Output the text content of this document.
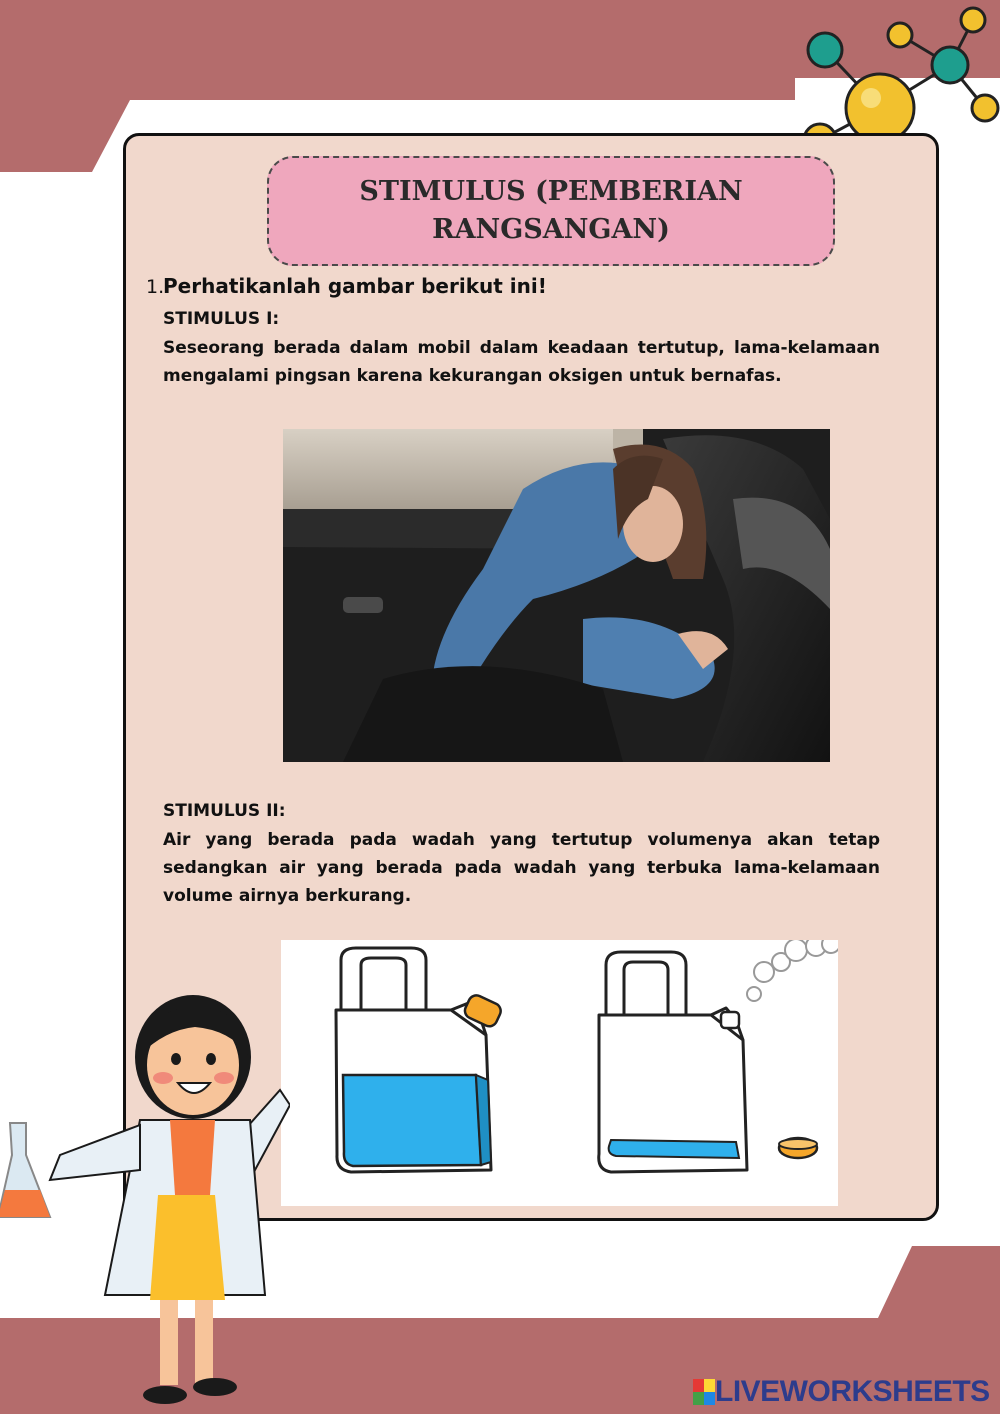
STIMULUS (PEMBERIAN RANGSANGAN)
1.
Perhatikanlah gambar berikut ini!
STIMULUS I:
Seseorang berada dalam mobil dalam keadaan tertutup, lama-kelamaan mengalami pingsan karena kekurangan oksigen untuk bernafas.
STIMULUS II:
Air yang berada pada wadah yang tertutup volumenya akan tetap sedangkan air yang berada pada wadah yang terbuka lama-kelamaan volume airnya berkurang.
LIVEWORKSHEETS
